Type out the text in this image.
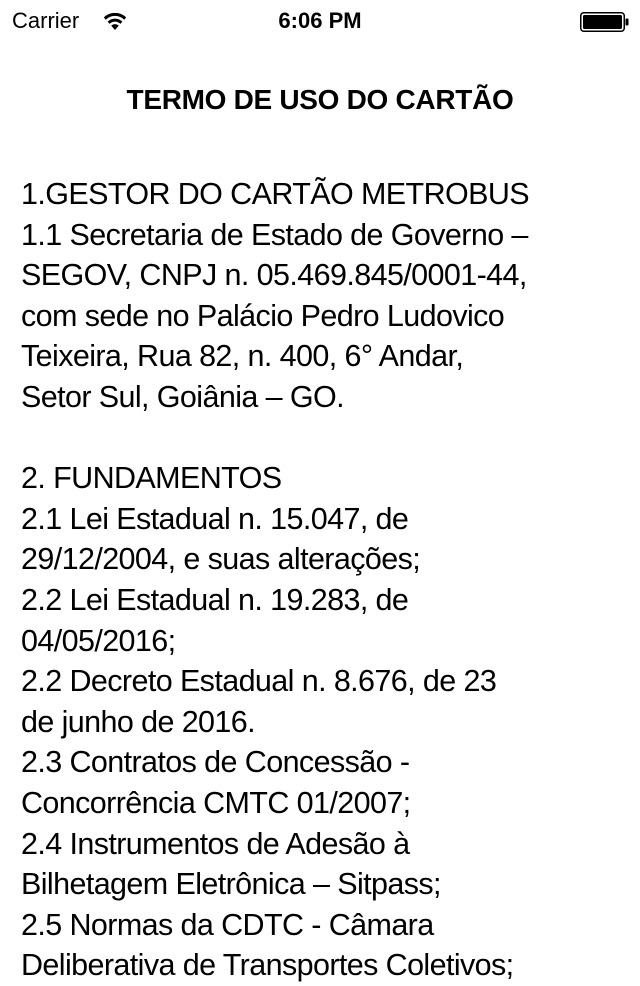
Carrier	6:06 PM
TERMO DE USO DO CARTÃO
1.GESTOR DO CARTÃO METROBUS
1.1 Secretaria de Estado de Governo –
SEGOV, CNPJ n. 05.469.845/0001-44,
com sede no Palácio Pedro Ludovico
Teixeira, Rua 82, n. 400, 6° Andar,
Setor Sul, Goiânia – GO.
2. FUNDAMENTOS
2.1 Lei Estadual n. 15.047, de
29/12/2004, e suas alterações;
2.2 Lei Estadual n. 19.283, de
04/05/2016;
2.2 Decreto Estadual n. 8.676, de 23
de junho de 2016.
2.3 Contratos de Concessão -
Concorrência CMTC 01/2007;
2.4 Instrumentos de Adesão à
Bilhetagem Eletrônica – Sitpass;
2.5 Normas da CDTC - Câmara
Deliberativa de Transportes Coletivos;
